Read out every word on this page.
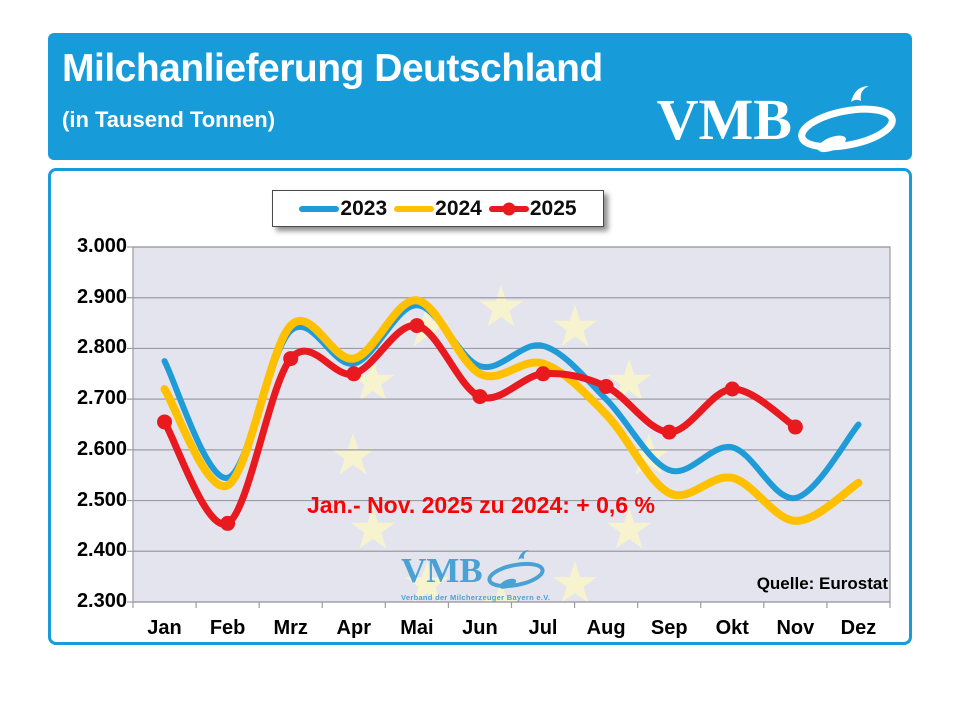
Milchanlieferung Deutschland
(in Tausend Tonnen)	VMB
2023 2024 2025
3.000
2.900
2.800
2.700
2.600
2.500
2.400
2.300
Jan	Feb	Mrz	Apr	Mai	Jun	Jul	Aug	Sep	Okt	Nov	Dez
Jan.- Nov. 2025 zu 2024: + 0,6 %
VMB
Verband der Milcherzeuger Bayern e.V.
Quelle: Eurostat
